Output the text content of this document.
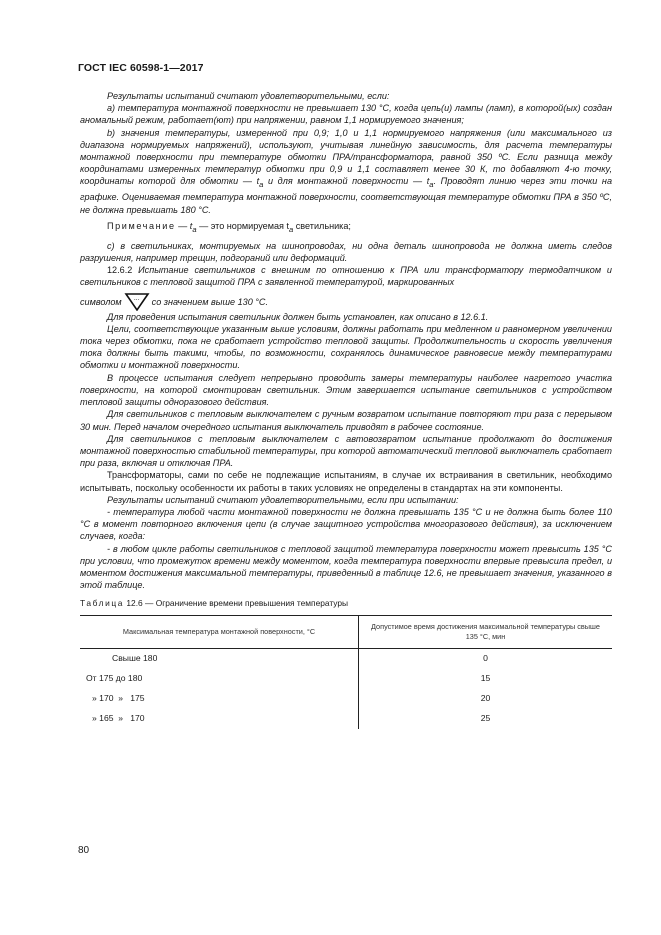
ГОСТ IEC 60598-1—2017

Результаты испытаний считают удовлетворительными, если:

а) температура монтажной поверхности не превышает 130 °С, когда цепь(и) лампы (ламп), в которой(ых) создан аномальный режим, работает(ют) при напряжении, равном 1,1 нормируемого значения;

b) значения температуры, измеренной при 0,9; 1,0 и 1,1 нормируемого напряжения (или максимального из диапазона нормируемых напряжений), используют, учитывая линейную зависимость, для расчета температуры монтажной поверхности при температуре обмотки ПРА/трансформатора, равной 350 ºС. Если разница между координатами измеренных температур обмотки при 0,9 и 1,1 составляет менее 30 К, то добавляют 4-ю точку, координаты которой для обмотки — $t_а$ и для монтажной поверхности — $t_а$. Проводят линию через эти точки на графике. Оцениваемая температура монтажной поверхности, соответствующая температуре обмотки ПРА в 350 ºС, не должна превышать 180 °С.

Примечание — $t_а$ — это нормируемая $t_а$ светильника;

с) в светильниках, монтируемых на шинопроводах, ни одна деталь шинопровода не должна иметь следов разрушения, например трещин, подгораний или деформаций.

12.6.2 Испытание светильников с внешним по отношению к ПРА или трансформатору термодатчиком и светильников с тепловой защитой ПРА с заявленной температурой, маркированных

символом ... со значением выше 130 °С.

Для проведения испытания светильник должен быть установлен, как описано в 12.6.1.

Цели, соответствующие указанным выше условиям, должны работать при медленном и равномерном увеличении тока через обмотки, пока не сработает устройство тепловой защиты. Продолжительность и скорость увеличения тока должны быть такими, чтобы, по возможности, сохранялось динамическое равновесие между температурами обмотки и монтажной поверхности.

В процессе испытания следует непрерывно проводить замеры температуры наиболее нагретого участка поверхности, на которой смонтирован светильник. Этим завершается испытание светильников с устройством тепловой защиты одноразового действия.

Для светильников с тепловым выключателем с ручным возвратом испытание повторяют три раза с перерывом 30 мин. Перед началом очередного испытания выключатель приводят в рабочее состояние.

Для светильников с тепловым выключателем с автовозвратом испытание продолжают до достижения монтажной поверхностью стабильной температуры, при которой автоматический тепловой выключатель сработает при раза, включая и отключая ПРА.

Трансформаторы, сами по себе не подлежащие испытаниям, в случае их встраивания в светильник, необходимо испытывать, поскольку особенности их работы в таких условиях не определены в стандартах на эти компоненты.

Результаты испытаний считают удовлетворительными, если при испытании:

- температура любой части монтажной поверхности не должна превышать 135 °С и не должна быть более 110 °С в момент повторного включения цепи (в случае защитного устройства многоразового действия), за исключением случаев, когда:

- в любом цикле работы светильников с тепловой защитой температура поверхности может превысить 135 °С при условии, что промежуток времени между моментом, когда температура поверхности впервые превысила предел, и моментом достижения максимальной температуры, приведенный в таблице 12.6, не превышает значения, указанного в этой таблице.

Таблица 12.6 — Ограничение времени превышения температуры

Максимальная температура монтажной поверхности, °С	Допустимое время достижения максимальной температуры свыше 135 °С, мин
Свыше 180	0
От 175 до 180	15
» 170  »   175	20
» 165  »   170	25
80
